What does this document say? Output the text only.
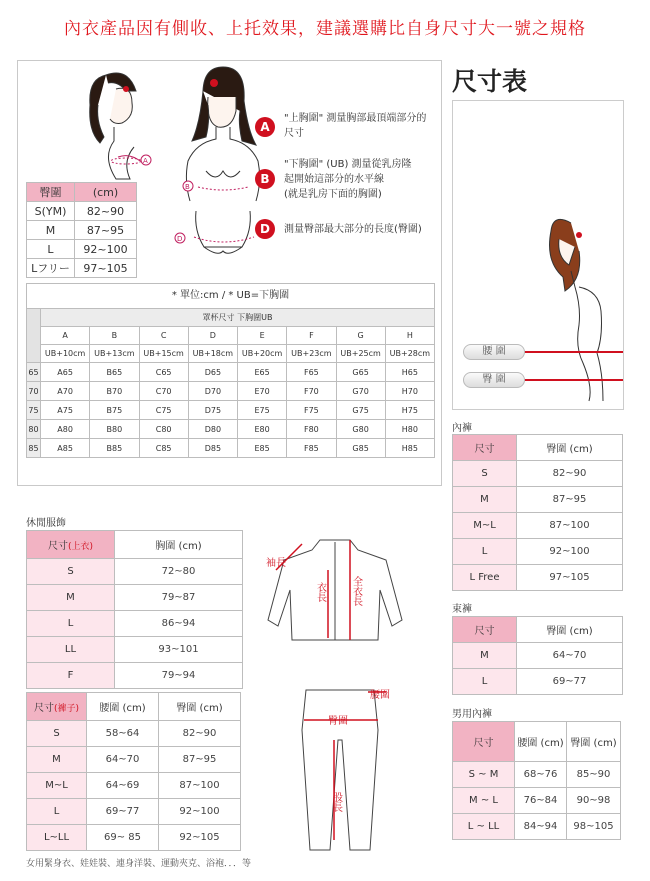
內衣產品因有側收、上托效果，建議選購比自身尺寸大一號之規格
A
B
D
A
"上胸圍" 測量胸部最頂端部分的尺寸
B
"下胸圍" (UB) 測量從乳房隆
起開始這部分的水平線
(就是乳房下面的胸圍)
D	測量臀部最大部分的長度(臀圍)
臀圍	(cm)
S(YM)	82~90
M	87~95
L	92~100
Lフリー	97~105
* 單位:cm / * UB=下胸圍
	罩杯尺寸 下胸圍UB							
	A	B	C	D	E	F	G	H
	UB+10cm	UB+13cm	UB+15cm	UB+18cm	UB+20cm	UB+23cm	UB+25cm	UB+28cm
65	A65	B65	C65	D65	E65	F65	G65	H65
70	A70	B70	C70	D70	E70	F70	G70	H70
75	A75	B75	C75	D75	E75	F75	G75	H75
80	A80	B80	C80	D80	E80	F80	G80	H80
85	A85	B85	C85	D85	E85	F85	G85	H85
尺寸表
腰 圍
臀 圍
內褲
尺寸	臀圍 (cm)
S	82~90
M	87~95
M~L	87~100
L	92~100
L Free	97~105
束褲
尺寸	臀圍 (cm)
M	64~70
L	69~77
男用內褲
尺寸	腰圍 (cm)	臀圍 (cm)
S ~ M	68~76	85~90
M ~ L	76~84	90~98
L ~ LL	84~94	98~105
休閒服飾
尺寸(上衣)	胸圍 (cm)
S	72~80
M	79~87
L	86~94
LL	93~101
F	79~94
尺寸(褲子)	腰圍 (cm)	臀圍 (cm)
S	58~64	82~90
M	64~70	87~95
M~L	64~69	87~100
L	69~77	92~100
L~LL	69~ 85	92~105
全衣長
衣長
袖長
腰圍
臀圍
股長
女用緊身衣、娃娃裝、連身洋裝、運動夾克、浴袍．．．等
